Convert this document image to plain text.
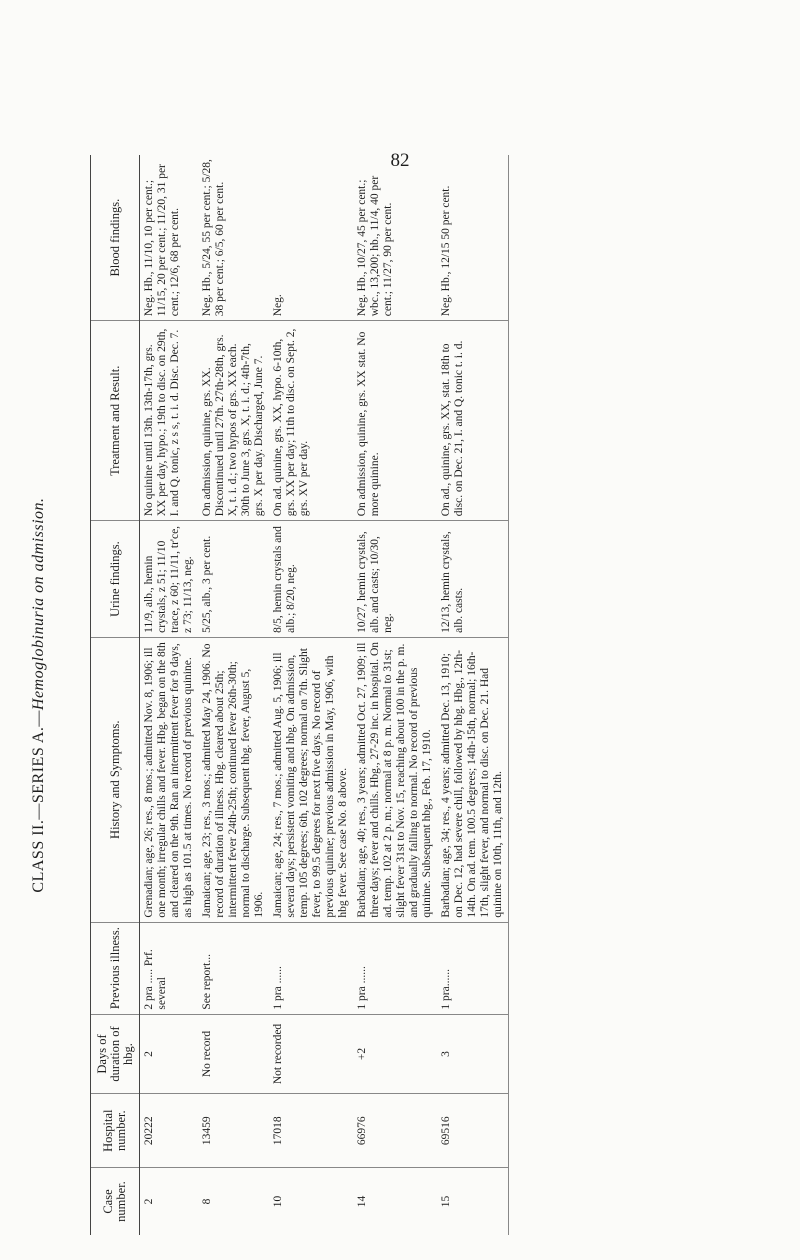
82
CLASS II.—SERIES A.—Hemoglobinuria on admission.
Case number.	Hospital number.	Days of duration of hbg.	Previous illness.	History and Symptoms.	Urine findings.	Treatment and Result.	Blood findings.
2	20222	2	2 pra ..... Prf. several	Grenadian; age, 26; res., 8 mos.; admitted Nov. 8, 1906; ill one month; irregular chills and fever. Hbg. began on the 8th and cleared on the 9th. Ran an intermittent fever for 9 days, as high as 101.5 at times. No record of previous quinine.	11/9, alb., hemin crystals, z 51; 11/10 trace, z 60; 11/11, tr'ce, z 73; 11/13, neg.	No quinine until 13th. 13th-17th, grs. XX per day, hypo.; 19th to disc. on 29th, I. and Q. tonic, z s s, t. i. d. Disc. Dec. 7.	Neg. Hb., 11/10, 10 per cent.; 11/15, 20 per cent.; 11/20, 31 per cent.; 12/6, 68 per cent.
8	13459	No record	See report...	Jamaican; age, 23; res., 3 mos.; admitted May 24, 1906. No record of duration of illness. Hbg. cleared about 25th; intermittent fever 24th-25th; continued fever 26th-30th; normal to discharge. Subsequent hbg. fever, August 5, 1906.	5/25, alb., 3 per cent.	On admission, quinine, grs. XX. Discontinued until 27th. 27th-28th, grs. X, t. i. d.; two hypos of grs. XX each. 30th to June 3, grs. X, t. i. d.; 4th-7th, grs. X per day. Discharged, June 7.	Neg. Hb., 5/24, 55 per cent.; 5/28, 38 per cent.; 6/5, 60 per cent.
10	17018	Not recorded	1 pra ......	Jamaican; age, 24; res., 7 mos.; admitted Aug. 5, 1906; ill several days; persistent vomiting and hbg. On admission, temp. 105 degrees; 6th, 102 degrees; normal on 7th. Slight fever, to 99.5 degrees for next five days. No record of previous quinine; previous admission in May, 1906, with hbg fever. See case No. 8 above.	8/5, hemin crystals and alb.; 8/20, neg.	On ad. quinine, grs. XX, hypo. 6-10th, grs. XX per day; 11th to disc. on Sept. 2, grs. XV per day.	Neg.
14	66976	+2	1 pra ......	Barbadian; age, 40; res., 3 years; admitted Oct. 27, 1909; ill three days; fever and chills. Hbg., 27-29 inc. in hospital. On ad. temp. 102 at 2 p. m.; normal at 8 p. m. Normal to 31st; slight fever 31st to Nov. 15, reaching about 100 in the p. m. and gradually falling to normal. No record of previous quinine. Subsequent hbg., Feb. 17, 1910.	10/27, hemin crystals, alb. and casts; 10/30, neg.	On admission, quinine, grs. XX stat. No more quinine.	Neg. Hb., 10/27, 45 per cent.; wbc., 13,200; hb., 11/4, 40 per cent.; 11/27, 90 per cent.
15	69516	3	1 pra......	Barbadian; age, 34; res., 4 years; admitted Dec. 13, 1910; on Dec. 12, had severe chill, followed by hbg. Hbg., 12th-14th. On ad. tem. 100.5 degrees; 14th-15th, normal; 16th-17th, slight fever, and normal to disc. on Dec. 21. Had quinine on 10th, 11th, and 12th.	12/13, hemin crystals, alb. casts.	On ad., quinine, grs. XX, stat. 18th to disc. on Dec. 21, I. and Q. tonic t. i. d.	Neg. Hb., 12/15 50 per cent.
